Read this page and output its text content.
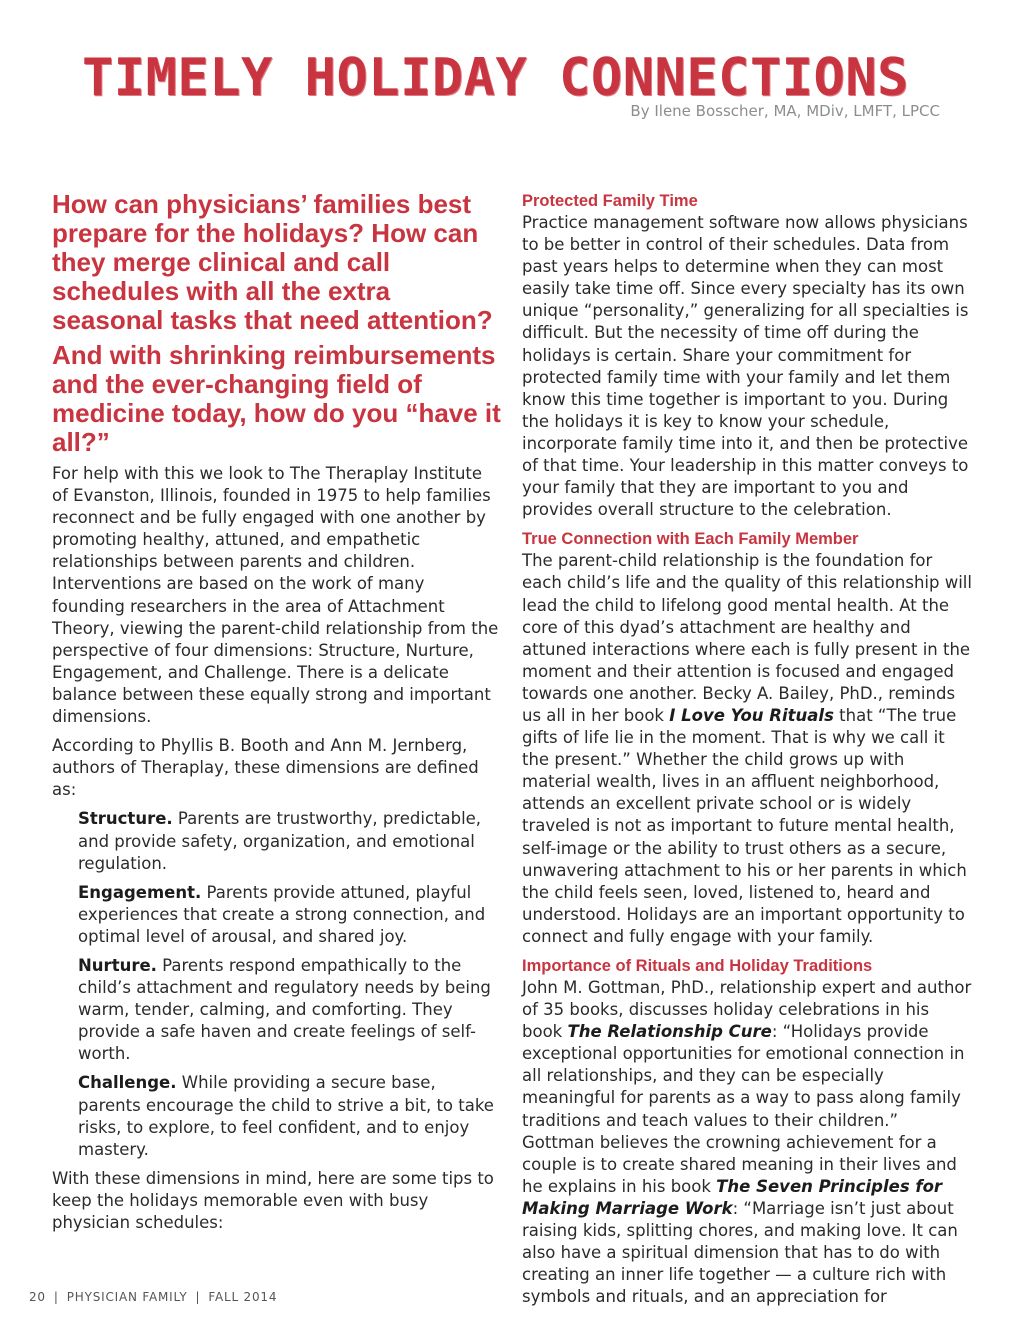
TIMELY HOLIDAY CONNECTIONS
By Ilene Bosscher, MA, MDiv, LMFT, LPCC
How can physicians’ families best prepare for the holidays? How can they merge clinical and call schedules with all the extra seasonal tasks that need attention?
And with shrinking reimbursements and the ever-changing field of medicine today, how do you “have it all?”

For help with this we look to The Theraplay Institute of Evanston, Illinois, founded in 1975 to help families reconnect and be fully engaged with one another by promoting healthy, attuned, and empathetic relationships between parents and children. Interventions are based on the work of many founding researchers in the area of Attachment Theory, viewing the parent-child relationship from the perspective of four dimensions: Structure, Nurture, Engagement, and Challenge. There is a delicate balance between these equally strong and important dimensions.

According to Phyllis B. Booth and Ann M. Jernberg, authors of Theraplay, these dimensions are defined as:

Structure. Parents are trustworthy, predictable, and provide safety, organization, and emotional regulation.

Engagement. Parents provide attuned, playful experiences that create a strong connection, and optimal level of arousal, and shared joy.

Nurture. Parents respond empathically to the child’s attachment and regulatory needs by being warm, tender, calming, and comforting. They provide a safe haven and create feelings of self-worth.

Challenge. While providing a secure base, parents encourage the child to strive a bit, to take risks, to explore, to feel confident, and to enjoy mastery.

With these dimensions in mind, here are some tips to keep the holidays memorable even with busy physician schedules:

Protected Family Time

Practice management software now allows physicians to be better in control of their schedules. Data from past years helps to determine when they can most easily take time off. Since every specialty has its own unique “personality,” generalizing for all specialties is difficult. But the necessity of time off during the holidays is certain. Share your commitment for protected family time with your family and let them know this time together is important to you. During the holidays it is key to know your schedule, incorporate family time into it, and then be protective of that time. Your leadership in this matter conveys to your family that they are important to you and provides overall structure to the celebration.

True Connection with Each Family Member

The parent-child relationship is the foundation for each child’s life and the quality of this relationship will lead the child to lifelong good mental health. At the core of this dyad’s attachment are healthy and attuned interactions where each is fully present in the moment and their attention is focused and engaged towards one another. Becky A. Bailey, PhD., reminds us all in her book I Love You Rituals that “The true gifts of life lie in the moment. That is why we call it the present.” Whether the child grows up with material wealth, lives in an affluent neighborhood, attends an excellent private school or is widely traveled is not as important to future mental health, self-image or the ability to trust others as a secure, unwavering attachment to his or her parents in which the child feels seen, loved, listened to, heard and understood. Holidays are an important opportunity to connect and fully engage with your family.

Importance of Rituals and Holiday Traditions

John M. Gottman, PhD., relationship expert and author of 35 books, discusses holiday celebrations in his book The Relationship Cure: “Holidays provide exceptional opportunities for emotional connection in all relationships, and they can be especially meaningful for parents as a way to pass along family traditions and teach values to their children.” Gottman believes the crowning achievement for a couple is to create shared meaning in their lives and he explains in his book The Seven Principles for Making Marriage Work: “Marriage isn’t just about raising kids, splitting chores, and making love. It can also have a spiritual dimension that has to do with creating an inner life together — a culture rich with symbols and rituals, and an appreciation for

20 | PHYSICIAN FAMILY | FALL 2014
